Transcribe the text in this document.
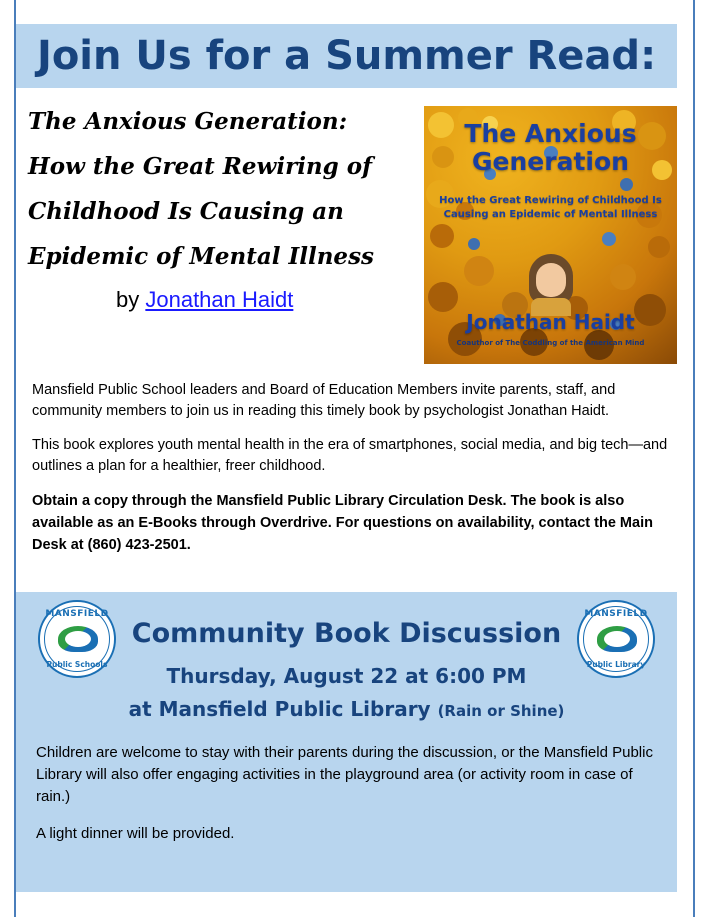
Join Us for a Summer Read:
The Anxious Generation:
How the Great Rewiring of
Childhood Is Causing an
Epidemic of Mental Illness
by Jonathan Haidt
The Anxious
Generation
How the Great Rewiring of Childhood Is Causing an Epidemic of Mental Illness
Jonathan Haidt
Coauthor of The Coddling of the American Mind

Mansfield Public School leaders and Board of Education Members invite parents, staff, and community members to join us in reading this timely book by psychologist Jonathan Haidt.

This book explores youth mental health in the era of smartphones, social media, and big tech—and outlines a plan for a healthier, freer childhood.

Obtain a copy through the Mansfield Public Library Circulation Desk. The book is also available as an E-Books through Overdrive. For questions on availability, contact the Main Desk at (860) 423-2501.

MANSFIELD
Public Schools
MANSFIELD
Public Library
Community Book Discussion
Thursday, August 22 at 6:00 PM
at Mansfield Public Library (Rain or Shine)

Children are welcome to stay with their parents during the discussion, or the Mansfield Public Library will also offer engaging activities in the playground area (or activity room in case of rain.)

A light dinner will be provided.
